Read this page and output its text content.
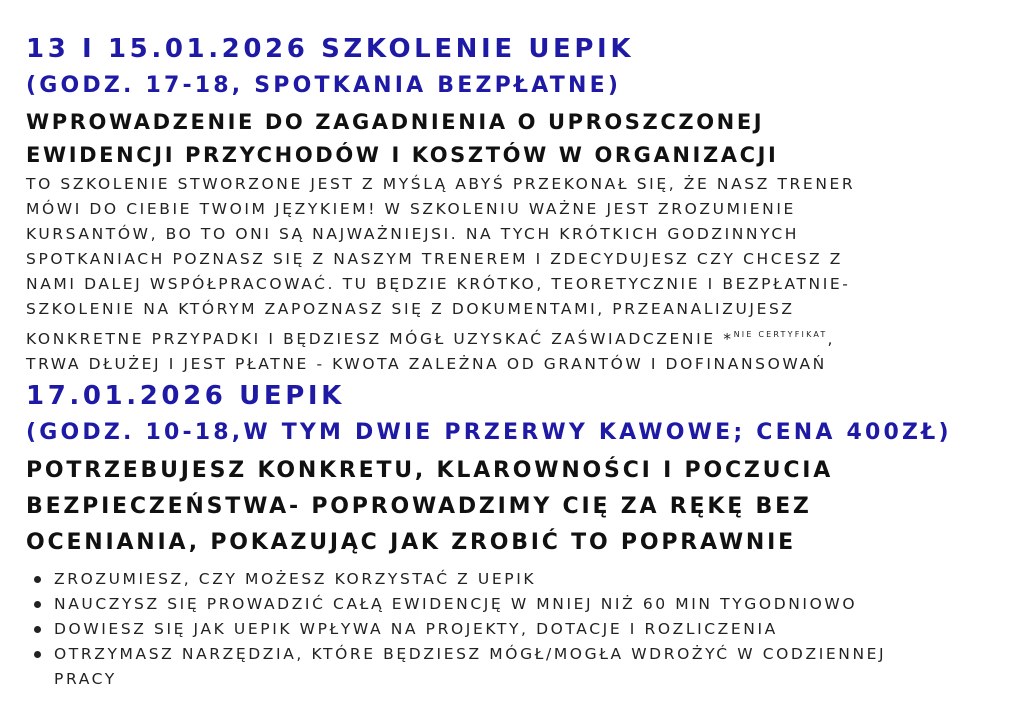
13 I 15.01.2026 SZKOLENIE UEPIK
(GODZ. 17-18, SPOTKANIA BEZPŁATNE)

WPROWADZENIE DO ZAGADNIENIA O UPROSZCZONEJ

EWIDENCJI PRZYCHODÓW I KOSZTÓW W ORGANIZACJI

TO SZKOLENIE STWORZONE JEST Z MYŚLĄ ABYŚ PRZEKONAŁ SIĘ, ŻE NASZ TRENER

MÓWI DO CIEBIE TWOIM JĘZYKIEM! W SZKOLENIU WAŻNE JEST ZROZUMIENIE

KURSANTÓW, BO TO ONI SĄ NAJWAŻNIEJSI. NA TYCH KRÓTKICH GODZINNYCH

SPOTKANIACH POZNASZ SIĘ Z NASZYM TRENEREM I ZDECYDUJESZ CZY CHCESZ Z

NAMI DALEJ WSPÓŁPRACOWAĆ. TU BĘDZIE KRÓTKO, TEORETYCZNIE I BEZPŁATNIE-

SZKOLENIE NA KTÓRYM ZAPOZNASZ SIĘ Z DOKUMENTAMI, PRZEANALIZUJESZ

KONKRETNE PRZYPADKI I BĘDZIESZ MÓGŁ UZYSKAĆ ZAŚWIADCZENIE *$^{NIE CERTYFIKAT}$,

TRWA DŁUŻEJ I JEST PŁATNE - KWOTA ZALEŻNA OD GRANTÓW I DOFINANSOWAŃ

17.01.2026 UEPIK
(GODZ. 10-18,W TYM DWIE PRZERWY KAWOWE; CENA 400ZŁ)

POTRZEBUJESZ KONKRETU, KLAROWNOŚCI I POCZUCIA

BEZPIECZEŃSTWA- POPROWADZIMY CIĘ ZA RĘKĘ BEZ

OCENIANIA, POKAZUJĄC JAK ZROBIĆ TO POPRAWNIE

ZROZUMIESZ, CZY MOŻESZ KORZYSTAĆ Z UEPIK
NAUCZYSZ SIĘ PROWADZIĆ CAŁĄ EWIDENCJĘ W MNIEJ NIŻ 60 MIN TYGODNIOWO
DOWIESZ SIĘ JAK UEPIK WPŁYWA NA PROJEKTY, DOTACJE I ROZLICZENIA
OTRZYMASZ NARZĘDZIA, KTÓRE BĘDZIESZ MÓGŁ/MOGŁA WDROŻYĆ W CODZIENNEJ
PRACY
